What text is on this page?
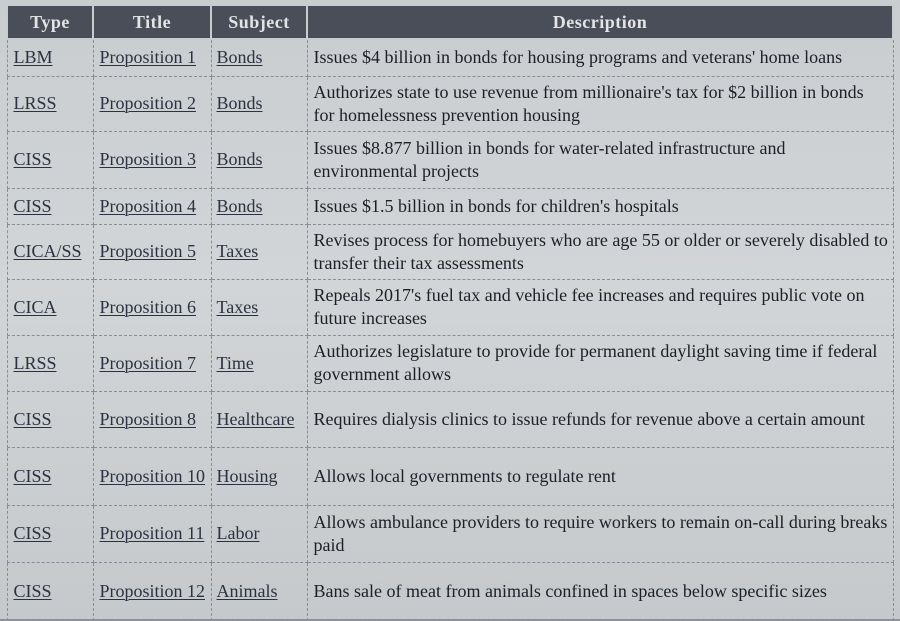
Type	Title	Subject	Description
LBM	Proposition 1	Bonds	Issues $4 billion in bonds for housing programs and veterans' home loans
LRSS	Proposition 2	Bonds	Authorizes state to use revenue from millionaire's tax for $2 billion in bonds for homelessness prevention housing
CISS	Proposition 3	Bonds	Issues $8.877 billion in bonds for water-related infrastructure and environmental projects
CISS	Proposition 4	Bonds	Issues $1.5 billion in bonds for children's hospitals
CICA/SS	Proposition 5	Taxes	Revises process for homebuyers who are age 55 or older or severely disabled to transfer their tax assessments
CICA	Proposition 6	Taxes	Repeals 2017's fuel tax and vehicle fee increases and requires public vote on future increases
LRSS	Proposition 7	Time	Authorizes legislature to provide for permanent daylight saving time if federal government allows
CISS	Proposition 8	Healthcare	Requires dialysis clinics to issue refunds for revenue above a certain amount
CISS	Proposition 10	Housing	Allows local governments to regulate rent
CISS	Proposition 11	Labor	Allows ambulance providers to require workers to remain on-call during breaks paid
CISS	Proposition 12	Animals	Bans sale of meat from animals confined in spaces below specific sizes
